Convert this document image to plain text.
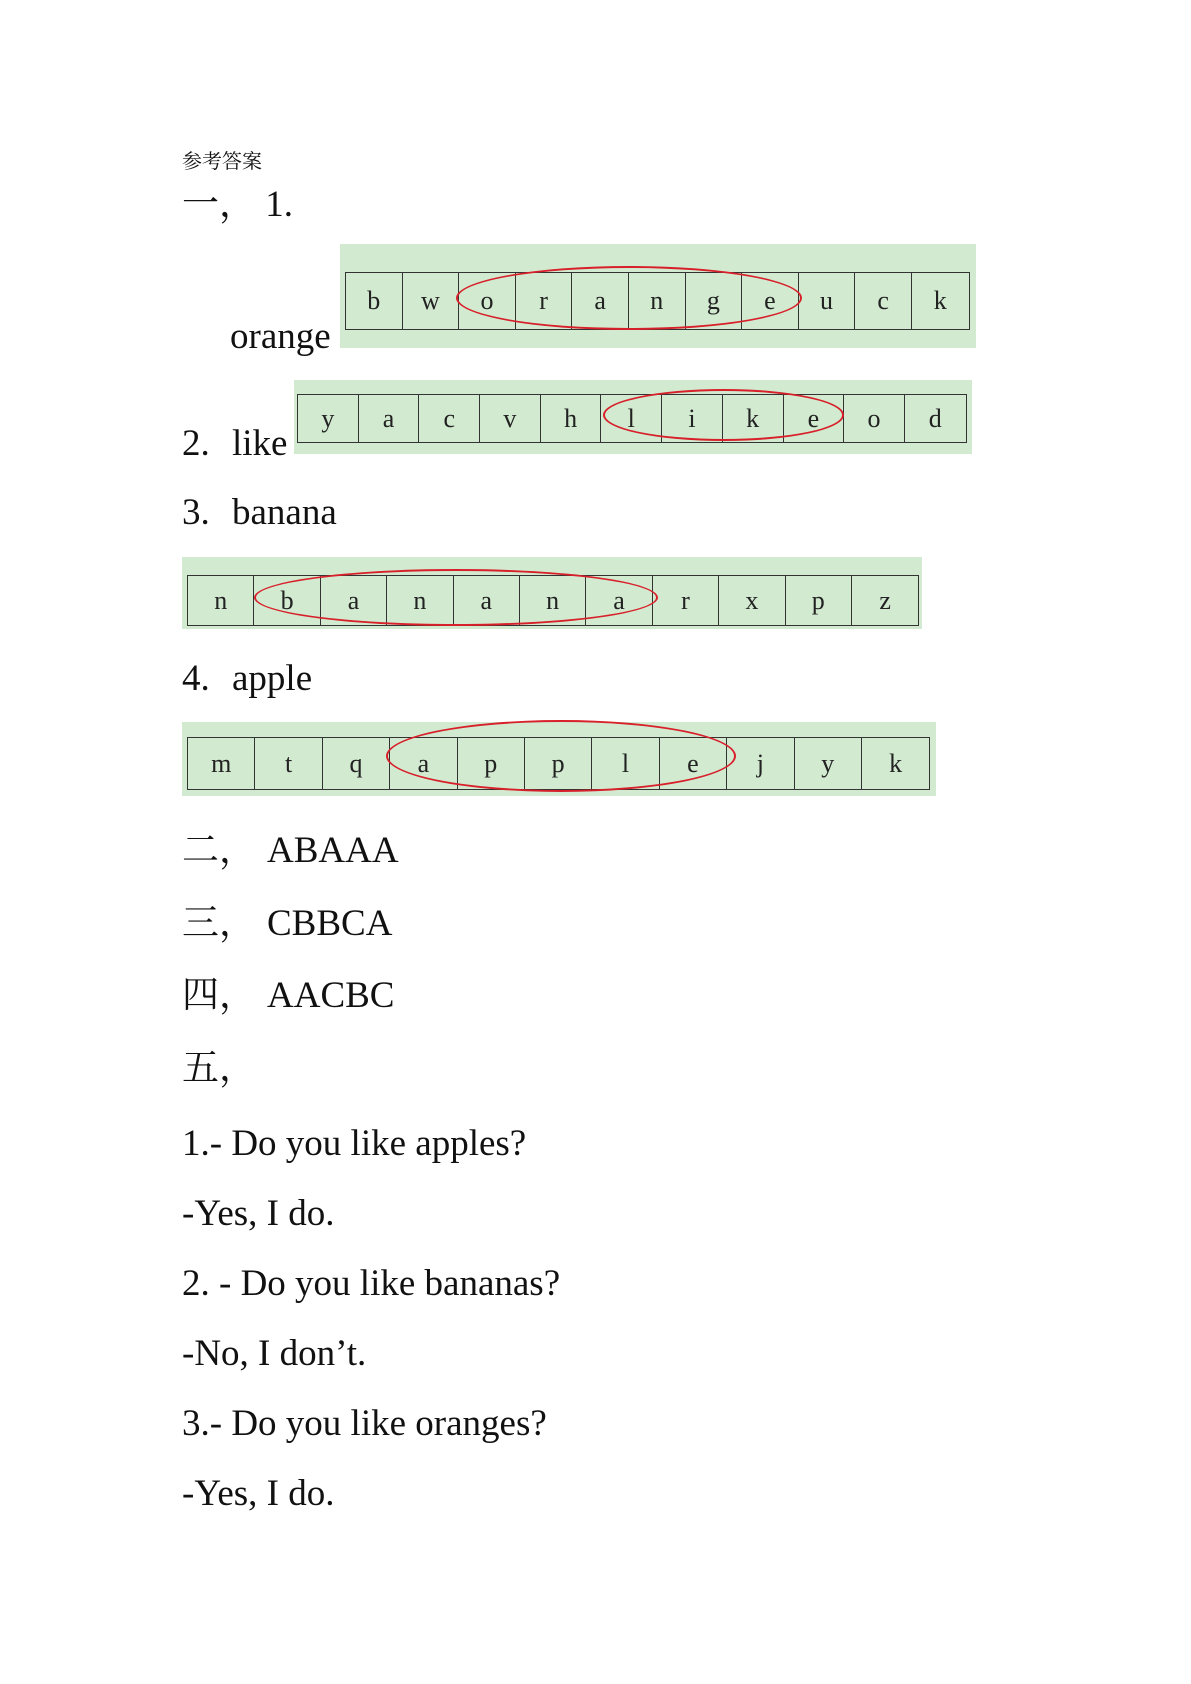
参考答案
一， 1.
orange
b	w	o	r	a	n	g	e	u	c	k
2. like
y	a	c	v	h	l	i	k	e	o	d
3. banana
n	b	a	n	a	n	a	r	x	p	z
4. apple
m	t	q	a	p	p	l	e	j	y	k
二， ABAAA
三， CBBCA
四， AACBC
五，
1.- Do you like apples?
-Yes, I do.
2. - Do you like bananas?
-No, I don’t.
3.- Do you like oranges?
-Yes, I do.
